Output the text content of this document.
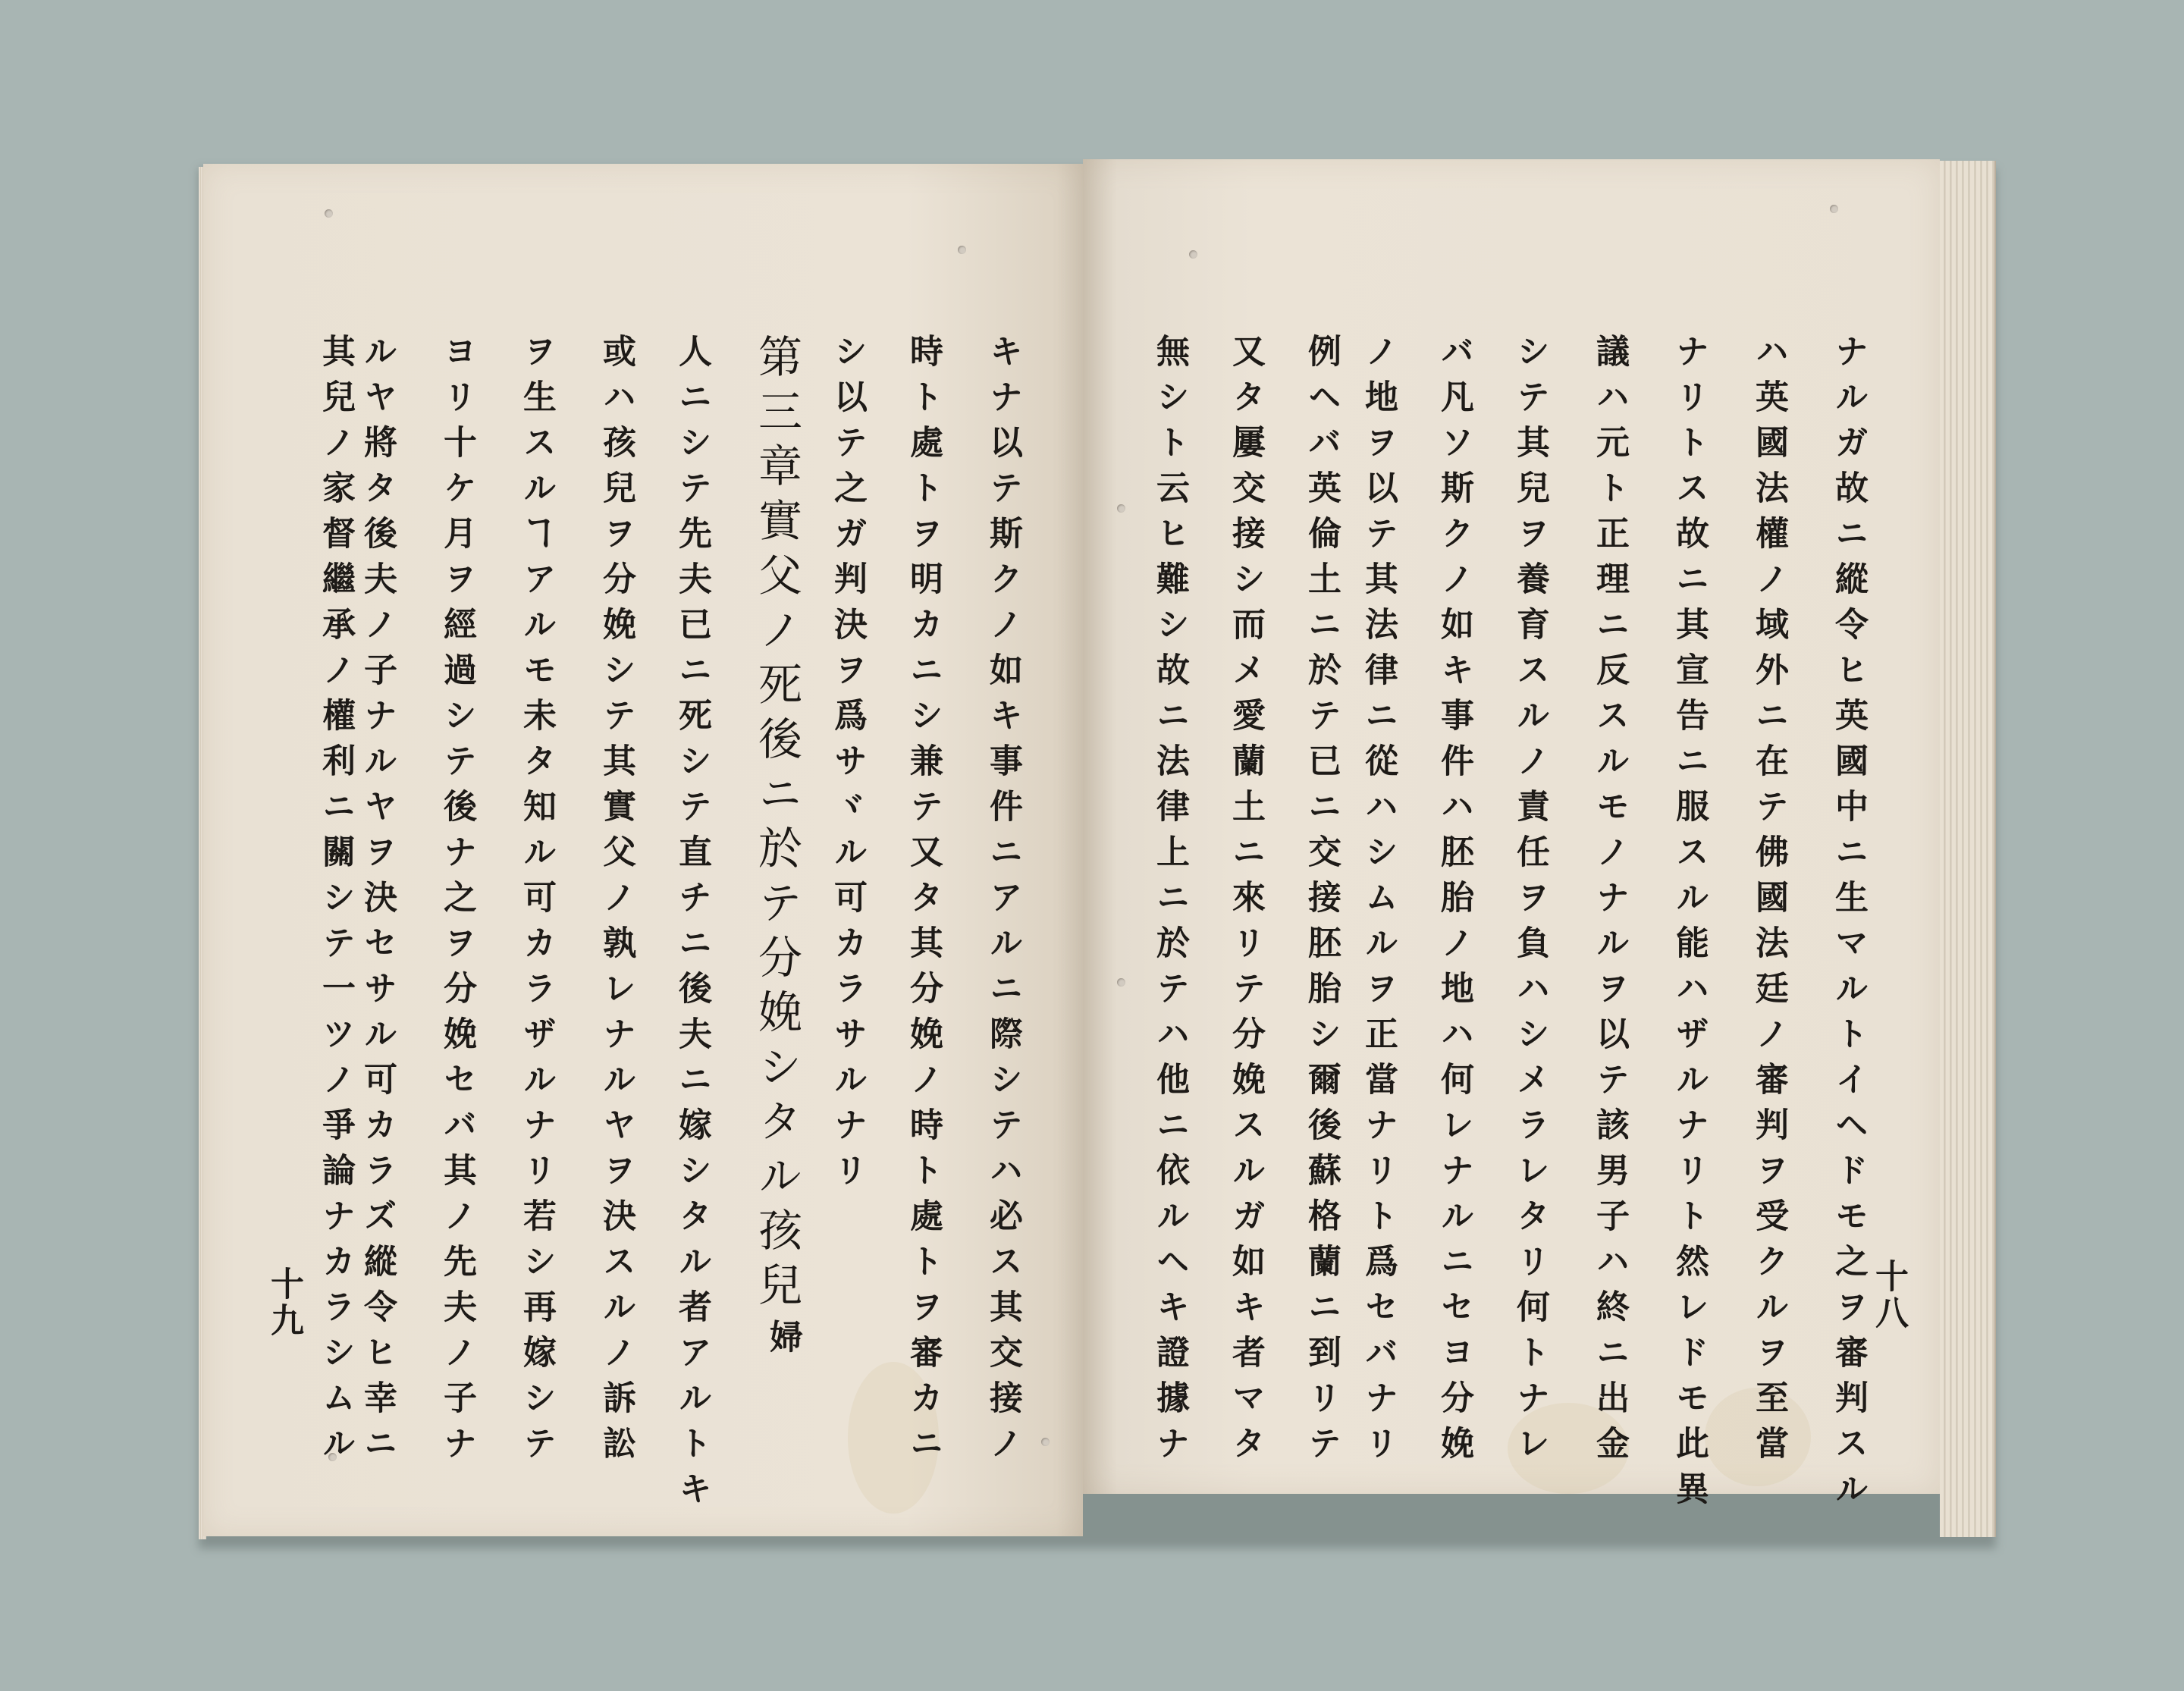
キナ以テ斯クノ如キ事件ニアルニ際シテハ必ス其交接ノ
時ト處トヲ明カニシ兼テ又タ其分娩ノ時ト處トヲ審カニ
シ以テ之ガ判決ヲ爲サヾル可カラサルナリ
第三章實父ノ死後ニ於テ分娩シタル孩兒
婦
人ニシテ先夫已ニ死シテ直チニ後夫ニ嫁シタル者アルトキ
或ハ孩兒ヲ分娩シテ其實父ノ孰レナルヤヲ決スルノ訴訟
ヲ生スルヿアルモ未タ知ル可カラザルナリ若シ再嫁シテ
ヨリ十ケ月ヲ經過シテ後ナ之ヲ分娩セバ其ノ先夫ノ子ナ
ルヤ將タ後夫ノ子ナルヤヲ決セサル可カラズ縱令ヒ幸ニ
其兒ノ家督繼承ノ權利ニ關シテ一ツノ爭論ナカラシムル
十九	十八
ナルガ故ニ縱令ヒ英國中ニ生マルトイヘドモ之ヲ審判スル
ハ英國法權ノ域外ニ在テ佛國法廷ノ審判ヲ受クルヲ至當
ナリトス故ニ其宣告ニ服スル能ハザルナリト然レドモ此異
議ハ元ト正理ニ反スルモノナルヲ以テ該男子ハ終ニ出金
シテ其兒ヲ養育スルノ責任ヲ負ハシメラレタリ何トナレ
バ凡ソ斯クノ如キ事件ハ胚胎ノ地ハ何レナルニセヨ分娩
ノ地ヲ以テ其法律ニ從ハシムルヲ正當ナリト爲セバナリ
例ヘバ英倫土ニ於テ已ニ交接胚胎シ爾後蘇格蘭ニ到リテ
又タ屢交接シ而メ愛蘭土ニ來リテ分娩スルガ如キ者マタ
無シト云ヒ難シ故ニ法律上ニ於テハ他ニ依ルヘキ證據ナ
